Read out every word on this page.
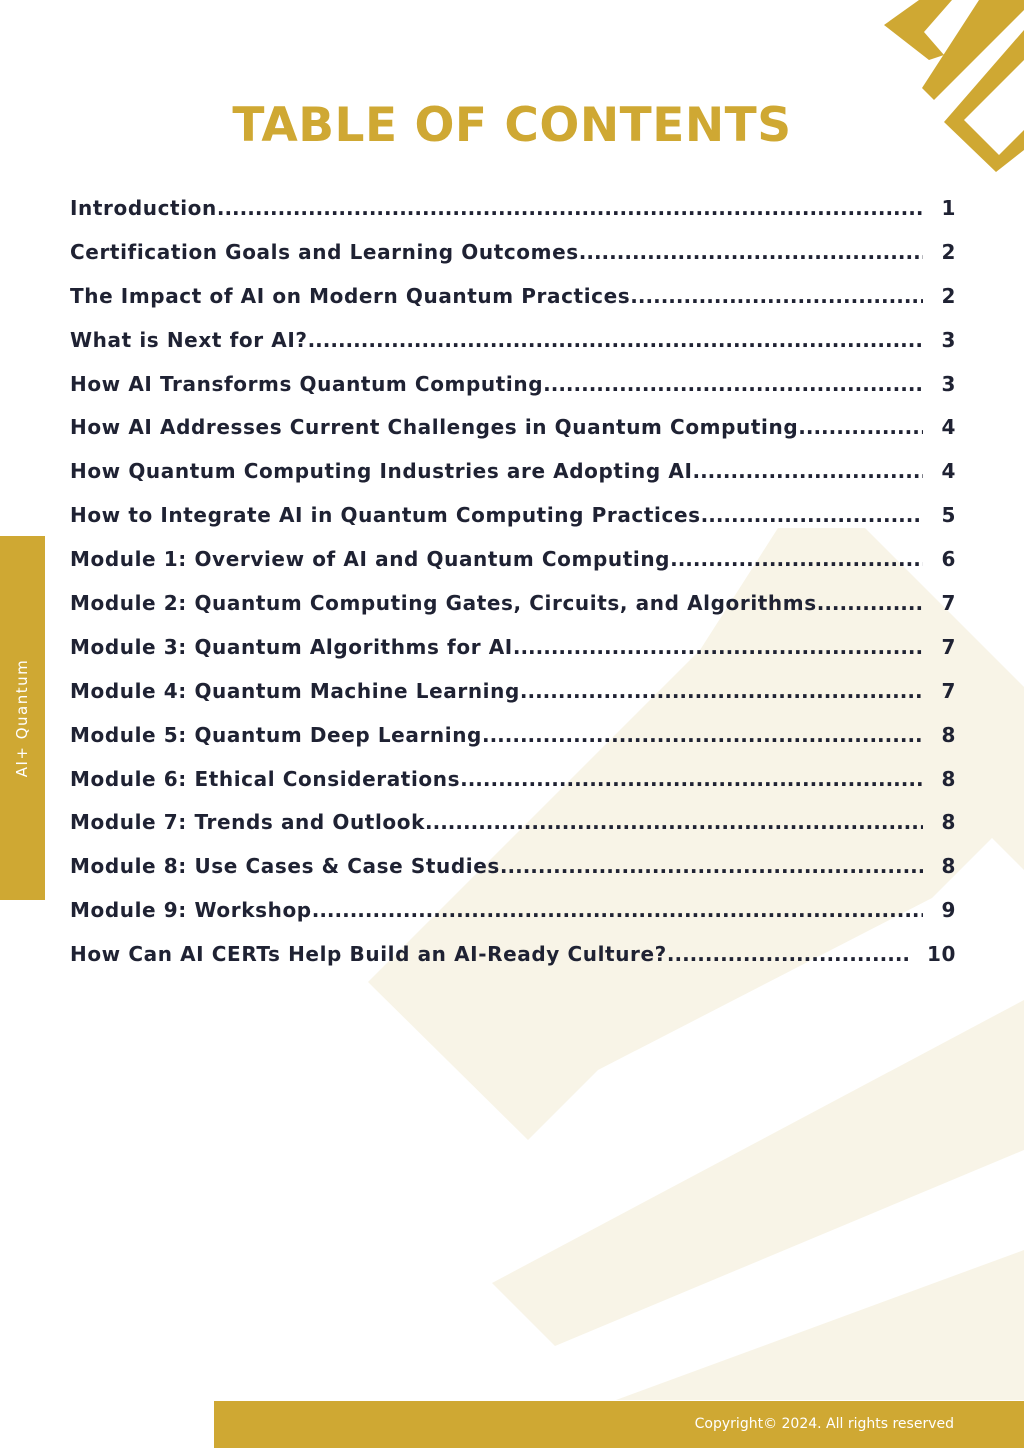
TABLE OF CONTENTS
Introduction .....	1
Certification Goals and Learning Outcomes .....	2
The Impact of AI on Modern Quantum Practices .....	2
What is Next for AI? .....	3
How AI Transforms Quantum Computing .....	3
How AI Addresses Current Challenges in Quantum Computing .....	4
How Quantum Computing Industries are Adopting AI .....	4
How to Integrate AI in Quantum Computing Practices .....	5
Module 1: Overview of AI and Quantum Computing .....	6
Module 2: Quantum Computing Gates, Circuits, and Algorithms .....	7
Module 3: Quantum Algorithms for AI .....	7
Module 4: Quantum Machine Learning .....	7
Module 5: Quantum Deep Learning .....	8
Module 6: Ethical Considerations .....	8
Module 7: Trends and Outlook .....	8
Module 8: Use Cases & Case Studies .....	8
Module 9: Workshop .....	9
How Can AI CERTs Help Build an AI-Ready Culture? .....	10
AI+ Quantum

Copyright© 2024. All rights reserved
